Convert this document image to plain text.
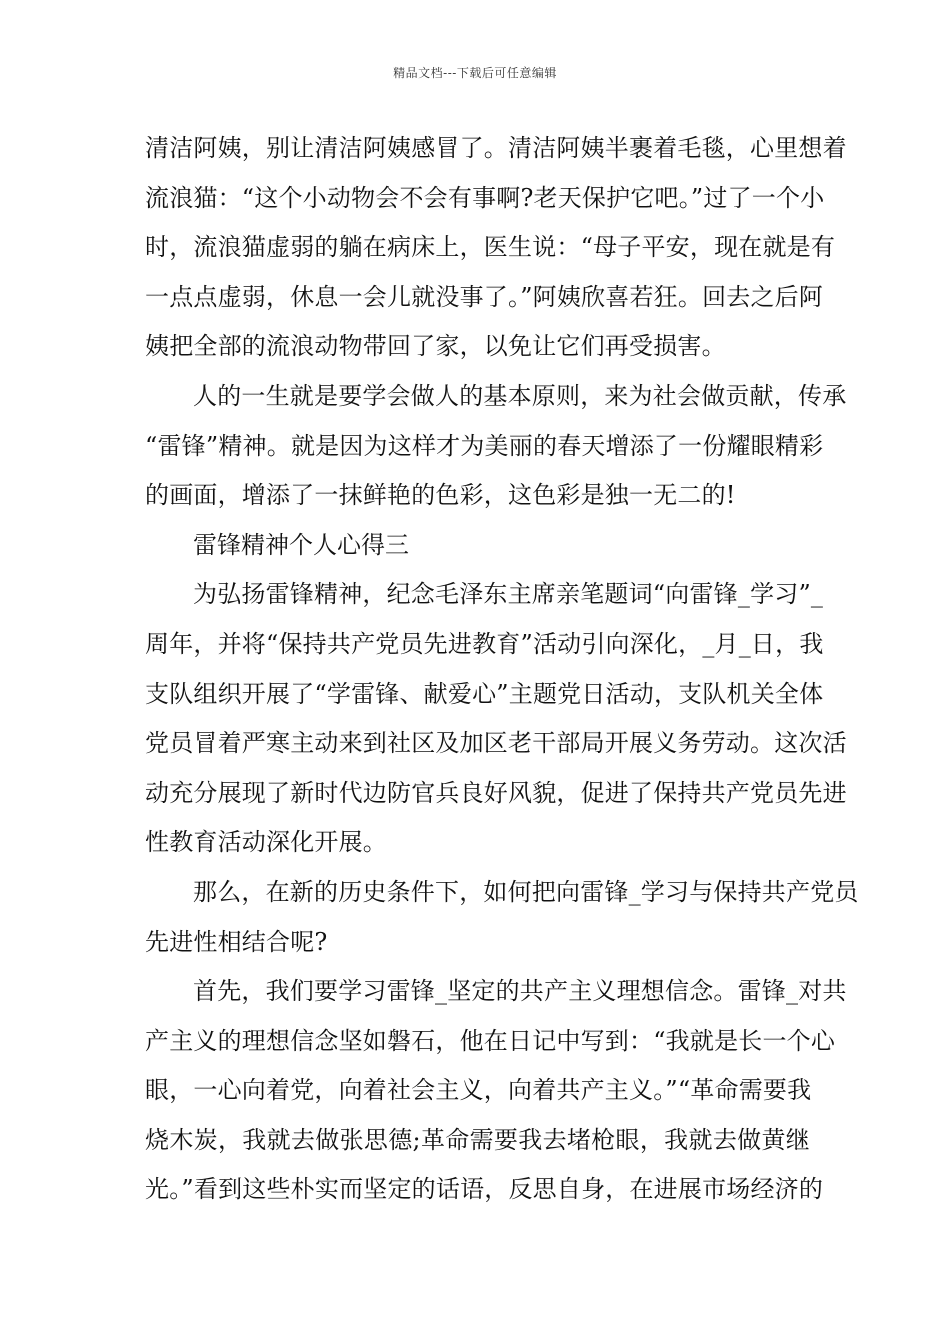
精品文档---下载后可任意编辑
清洁阿姨，别让清洁阿姨感冒了。清洁阿姨半裹着毛毯，心里想着
流浪猫：“这个小动物会不会有事啊?老天保护它吧。”过了一个小
时，流浪猫虚弱的躺在病床上，医生说：“母子平安，现在就是有
一点点虚弱，休息一会儿就没事了。”阿姨欣喜若狂。回去之后阿
姨把全部的流浪动物带回了家，以免让它们再受损害。
人的一生就是要学会做人的基本原则，来为社会做贡献，传承
“雷锋”精神。就是因为这样才为美丽的春天增添了一份耀眼精彩
的画面，增添了一抹鲜艳的色彩，这色彩是独一无二的!
雷锋精神个人心得三
为弘扬雷锋精神，纪念毛泽东主席亲笔题词“向雷锋_学习”_
周年，并将“保持共产党员先进教育”活动引向深化，_月_日，我
支队组织开展了“学雷锋、献爱心”主题党日活动，支队机关全体
党员冒着严寒主动来到社区及加区老干部局开展义务劳动。这次活
动充分展现了新时代边防官兵良好风貌，促进了保持共产党员先进
性教育活动深化开展。
那么，在新的历史条件下，如何把向雷锋_学习与保持共产党员
先进性相结合呢?
首先，我们要学习雷锋_坚定的共产主义理想信念。雷锋_对共
产主义的理想信念坚如磐石，他在日记中写到：“我就是长一个心
眼，一心向着党，向着社会主义，向着共产主义。”“革命需要我
烧木炭，我就去做张思德;革命需要我去堵枪眼，我就去做黄继
光。”看到这些朴实而坚定的话语，反思自身，在进展市场经济的
